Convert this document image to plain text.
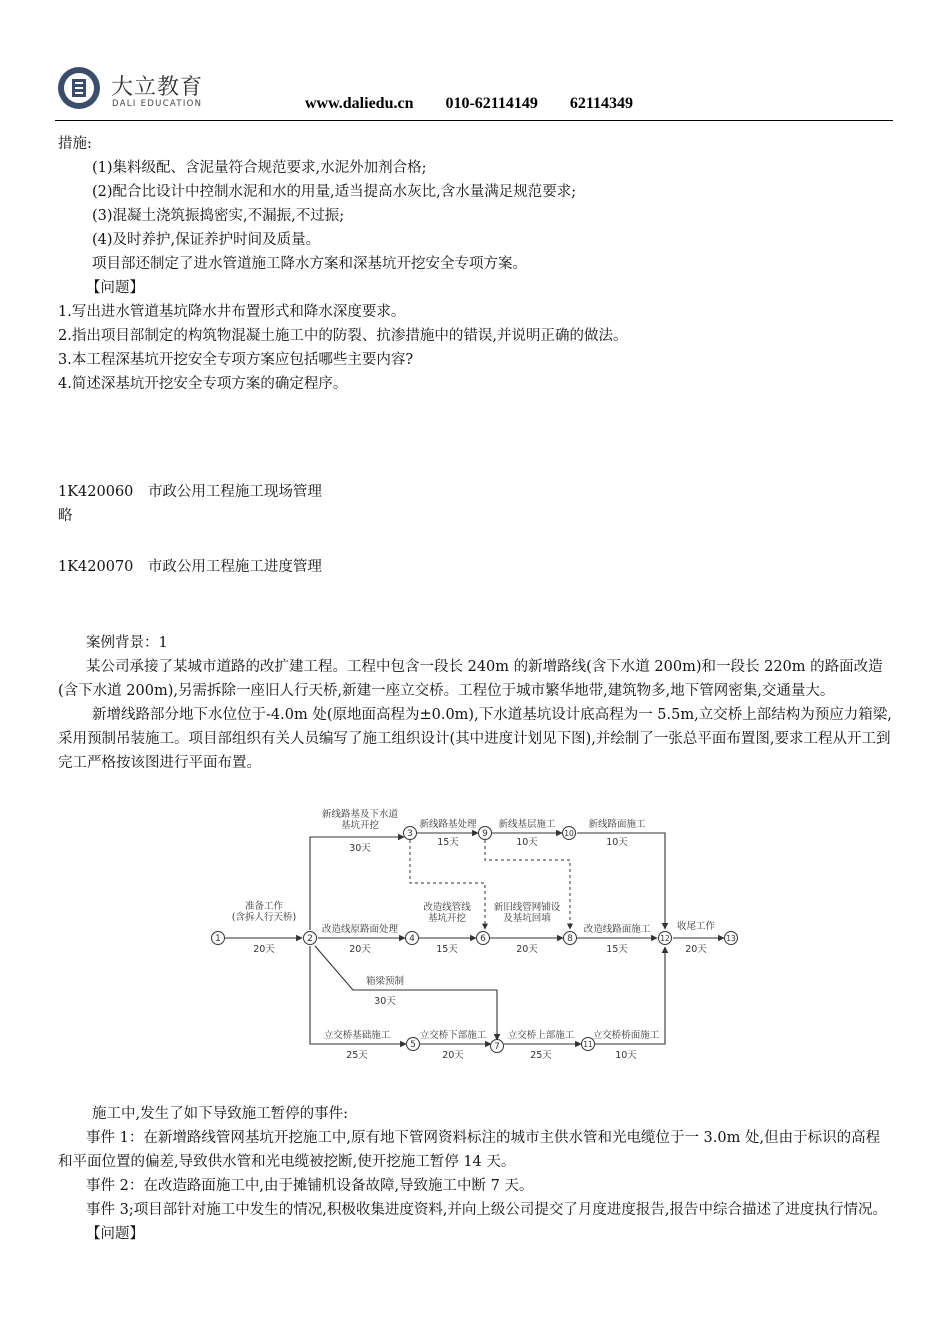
大立教育
DALI EDUCATION	www.daliedu.cn 010-62114149 62114349

措施:

(1)集料级配、含泥量符合规范要求,水泥外加剂合格;

(2)配合比设计中控制水泥和水的用量,适当提高水灰比,含水量满足规范要求;

(3)混凝土浇筑振捣密实,不漏振,不过振;

(4)及时养护,保证养护时间及质量。

项目部还制定了进水管道施工降水方案和深基坑开挖安全专项方案。

【问题】

1.写出进水管道基坑降水井布置形式和降水深度要求。

2.指出项目部制定的构筑物混凝土施工中的防裂、抗渗措施中的错误,并说明正确的做法。

3.本工程深基坑开挖安全专项方案应包括哪些主要内容?

4.简述深基坑开挖安全专项方案的确定程序。

1K420060　市政公用工程施工现场管理

略

1K420070　市政公用工程施工进度管理

案例背景：1

某公司承接了某城市道路的改扩建工程。工程中包含一段长 240m 的新增路线(含下水道 200m)和一段长 220m 的路面改造(含下水道 200m),另需拆除一座旧人行天桥,新建一座立交桥。工程位于城市繁华地带,建筑物多,地下管网密集,交通量大。

新增线路部分地下水位位于-4.0m 处(原地面高程为±0.0m),下水道基坑设计底高程为一 5.5m,立交桥上部结构为预应力箱梁,采用预制吊装施工。项目部组织有关人员编写了施工组织设计(其中进度计划见下图),并绘制了一张总平面布置图,要求工程从开工到完工严格按该图进行平面布置。

1	2
3
4
5
6
7
8
9	10
11
12	13
准备工作(含拆人行天桥)
20天
新线路基及下水道基坑开挖
30天
新线路基处理
15天
新线基层施工
10天
新线路面施工
10天
改造线原路面处理
20天
改造线管线基坑开挖
15天
新旧线管网铺设及基坑回填
20天
改造线路面施工
15天
收尾工作
20天
箱梁预制
30天
立交桥基础施工
25天
立交桥下部施工
20天
立交桥上部施工
25天
立交桥桥面施工
10天

施工中,发生了如下导致施工暂停的事件:

事件 1：在新增路线管网基坑开挖施工中,原有地下管网资料标注的城市主供水管和光电缆位于一 3.0m 处,但由于标识的高程和平面位置的偏差,导致供水管和光电缆被挖断,使开挖施工暂停 14 天。

事件 2：在改造路面施工中,由于摊铺机设备故障,导致施工中断 7 天。

事件 3;项目部针对施工中发生的情况,积极收集进度资料,并向上级公司提交了月度进度报告,报告中综合描述了进度执行情况。

【问题】
